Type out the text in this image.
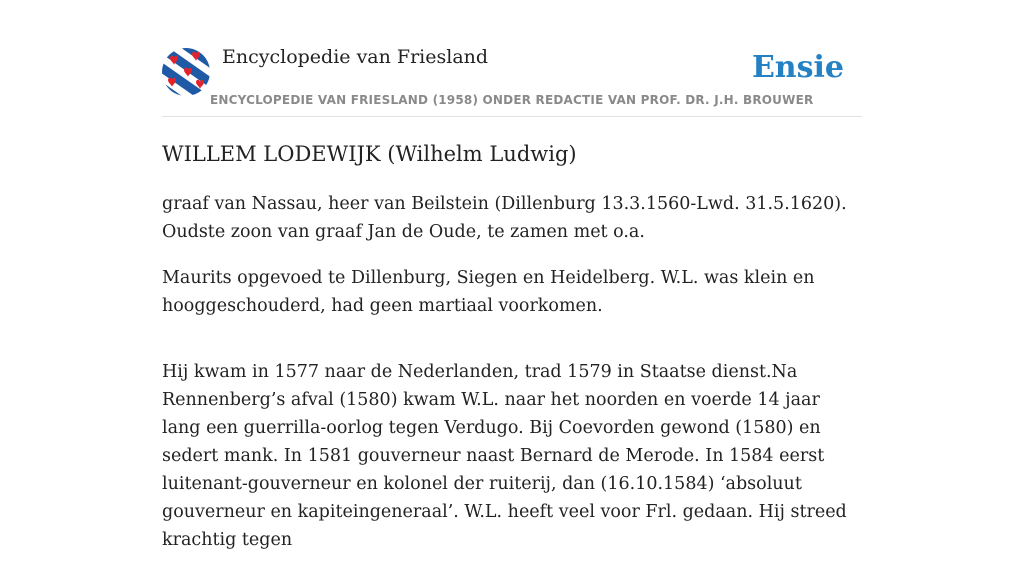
Encyclopedie van Friesland	Ensie
ENCYCLOPEDIE VAN FRIESLAND (1958) ONDER REDACTIE VAN PROF. DR. J.H. BROUWER
WILLEM LODEWIJK (Wilhelm Ludwig)

graaf van Nassau, heer van Beilstein (Dillenburg 13.3.1560-Lwd. 31.5.1620). Oudste zoon van graaf Jan de Oude, te zamen met o.a.

Maurits opgevoed te Dillenburg, Siegen en Heidelberg. W.L. was klein en hooggeschouderd, had geen martiaal voorkomen.

Hij kwam in 1577 naar de Nederlanden, trad 1579 in Staatse dienst.Na Rennenberg’s afval (1580) kwam W.L. naar het noorden en voerde 14 jaar lang een guerrilla-oorlog tegen Verdugo. Bij Coevorden gewond (1580) en sedert mank. In 1581 gouverneur naast Bernard de Merode. In 1584 eerst luitenant-gouverneur en kolonel der ruiterij, dan (16.10.1584) ‘absoluut gouverneur en kapiteingeneraal’. W.L. heeft veel voor Frl. gedaan. Hij streed krachtig tegen
